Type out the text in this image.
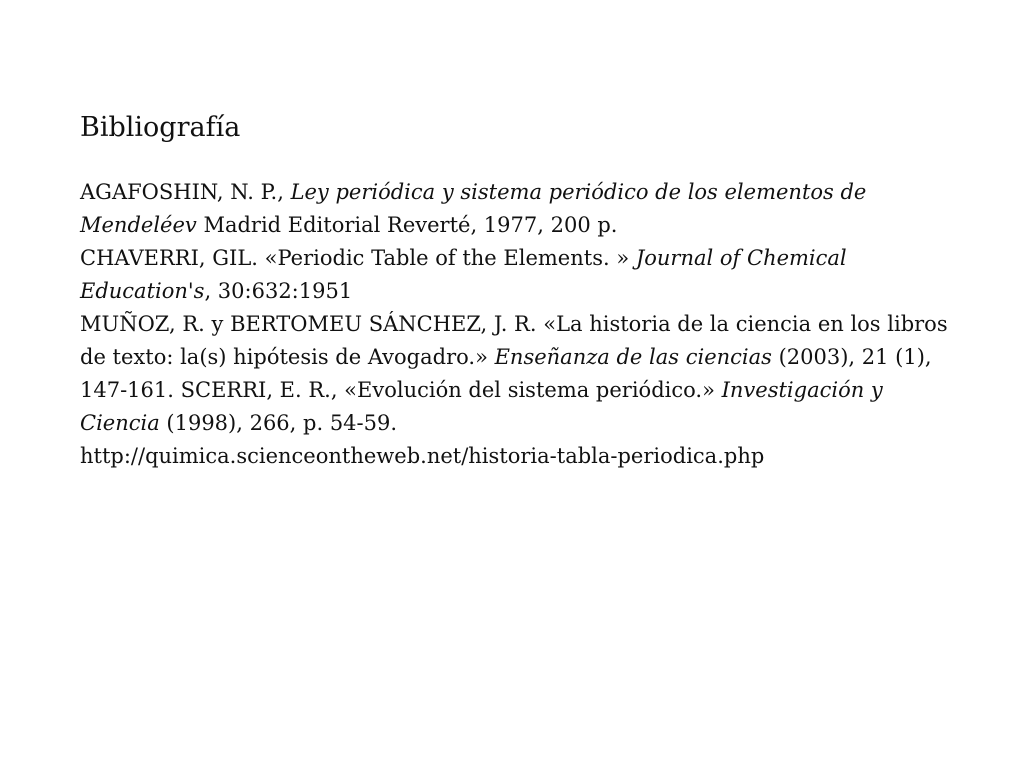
Bibliografía

AGAFOSHIN, N. P., Ley periódica y sistema periódico de los elementos de Mendeléev Madrid Editorial Reverté, 1977, 200 p.

CHAVERRI, GIL. «Periodic Table of the Elements. » Journal of Chemical Education's, 30:632:1951

MUÑOZ, R. y BERTOMEU SÁNCHEZ, J. R. «La historia de la ciencia en los libros de texto: la(s) hipótesis de Avogadro.» Enseñanza de las ciencias (2003), 21 (1), 147-161. SCERRI, E. R., «Evolución del sistema periódico.» Investigación y Ciencia (1998), 266, p. 54-59.

http://quimica.scienceontheweb.net/historia-tabla-periodica.php
